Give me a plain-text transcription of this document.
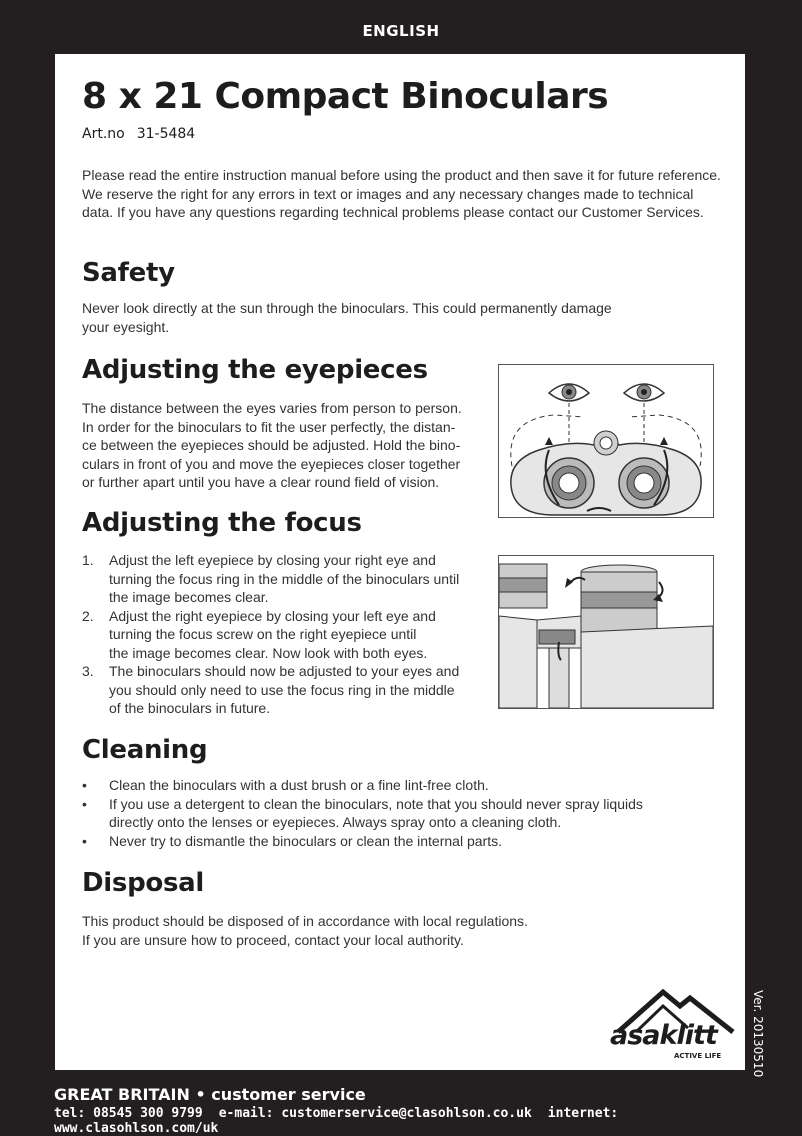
ENGLISH
8 x 21 Compact Binoculars
Art.no 31-5484

Please read the entire instruction manual before using the product and then save it for future reference. We reserve the right for any errors in text or images and any necessary changes made to technical data. If you have any questions regarding technical problems please contact our Customer Services.

Safety

Never look directly at the sun through the binoculars. This could permanently damage
your eyesight.

Adjusting the eyepieces

The distance between the eyes varies from person to person.
In order for the binoculars to fit the user perfectly, the distan-
ce between the eyepieces should be adjusted. Hold the bino-
culars in front of you and move the eyepieces closer together
or further apart until you have a clear round field of vision.

Adjusting the focus
1. Adjust the left eyepiece by closing your right eye and
turning the focus ring in the middle of the binoculars until
the image becomes clear.
2. Adjust the right eyepiece by closing your left eye and
turning the focus screw on the right eyepiece until
the image becomes clear. Now look with both eyes.
3. The binoculars should now be adjusted to your eyes and
you should only need to use the focus ring in the middle
of the binoculars in future.
Cleaning
• Clean the binoculars with a dust brush or a fine lint-free cloth.
• If you use a detergent to clean the binoculars, note that you should never spray liquids
directly onto the lenses or eyepieces. Always spray onto a cleaning cloth.
• Never try to dismantle the binoculars or clean the internal parts.
Disposal

This product should be disposed of in accordance with local regulations.
If you are unsure how to proceed, contact your local authority.

asaklitt
ACTIVE LIFE Ver. 20130510
GREAT BRITAIN • customer service
tel: 08545 300 9799 e-mail: customerservice@clasohlson.co.uk internet: www.clasohlson.com/uk
